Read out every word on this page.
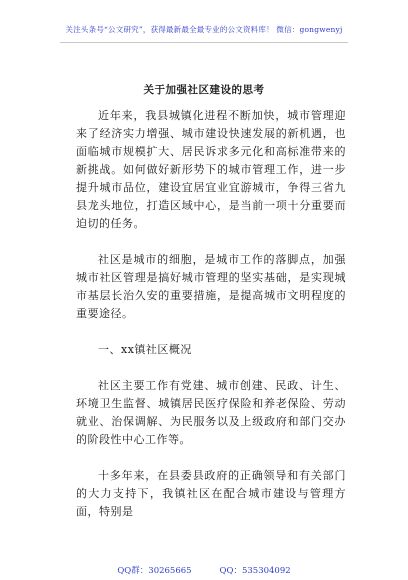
关注头条号“公文研究”，获得最新最全最专业的公文资料库！ 微信：gongwenyj
关于加强社区建设的思考

近年来，我县城镇化进程不断加快，城市管理迎来了经济实力增强、城市建设快速发展的新机遇，也面临城市规模扩大、居民诉求多元化和高标准带来的新挑战。如何做好新形势下的城市管理工作，进一步提升城市品位，建设宜居宜业宜游城市，争得三省九县龙头地位，打造区域中心，是当前一项十分重要而迫切的任务。

社区是城市的细胞，是城市工作的落脚点，加强城市社区管理是搞好城市管理的坚实基础，是实现城市基层长治久安的重要措施，是提高城市文明程度的重要途径。

一、xx镇社区概况

社区主要工作有党建、城市创建、民政、计生、环境卫生监督、城镇居民医疗保险和养老保险、劳动就业、治保调解、为民服务以及上级政府和部门交办的阶段性中心工作等。

十多年来，在县委县政府的正确领导和有关部门的大力支持下，我镇社区在配合城市建设与管理方面，特别是

QQ群：30265665	QQ：535304092
